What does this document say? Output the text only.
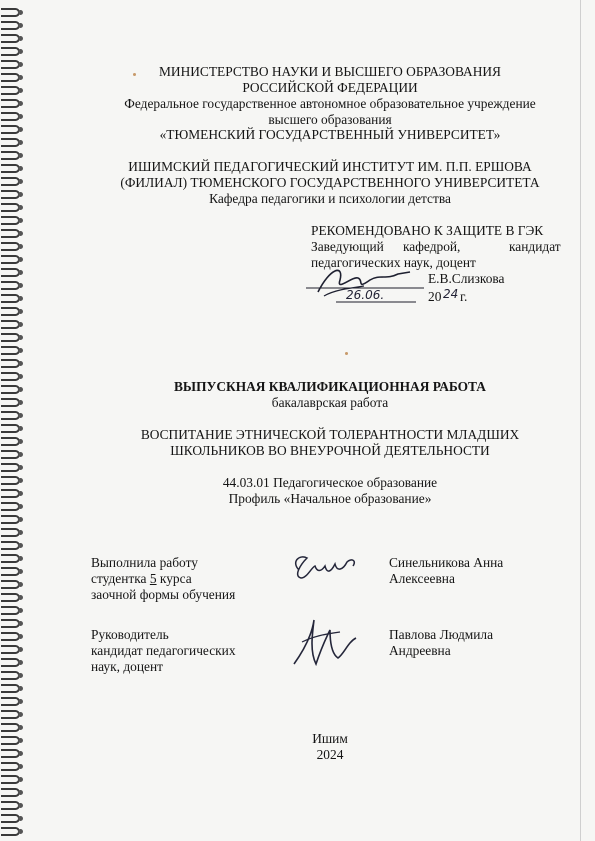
МИНИСТЕРСТВО НАУКИ И ВЫСШЕГО ОБРАЗОВАНИЯ
РОССИЙСКОЙ ФЕДЕРАЦИИ
Федеральное государственное автономное образовательное учреждение
высшего образования
«ТЮМЕНСКИЙ ГОСУДАРСТВЕННЫЙ УНИВЕРСИТЕТ»
ИШИМСКИЙ ПЕДАГОГИЧЕСКИЙ ИНСТИТУТ ИМ. П.П. ЕРШОВА
(ФИЛИАЛ) ТЮМЕНСКОГО ГОСУДАРСТВЕННОГО УНИВЕРСИТЕТА
Кафедра педагогики и психологии детства
РЕКОМЕНДОВАНО К ЗАЩИТЕ В ГЭК
Заведующий кафедрой,	кандидат
педагогических наук, доцент
Е.В.Слизкова
26.06.	20 24 г.
ВЫПУСКНАЯ КВАЛИФИКАЦИОННАЯ РАБОТА
бакалаврская работа
ВОСПИТАНИЕ ЭТНИЧЕСКОЙ ТОЛЕРАНТНОСТИ МЛАДШИХ
ШКОЛЬНИКОВ ВО ВНЕУРОЧНОЙ ДЕЯТЕЛЬНОСТИ
44.03.01 Педагогическое образование
Профиль «Начальное образование»
Выполнила работу
студентка 5 курса
заочной формы обучения
Синельникова Анна
Алексеевна
Руководитель
кандидат педагогических
наук, доцент
Павлова Людмила
Андреевна
Ишим
2024
